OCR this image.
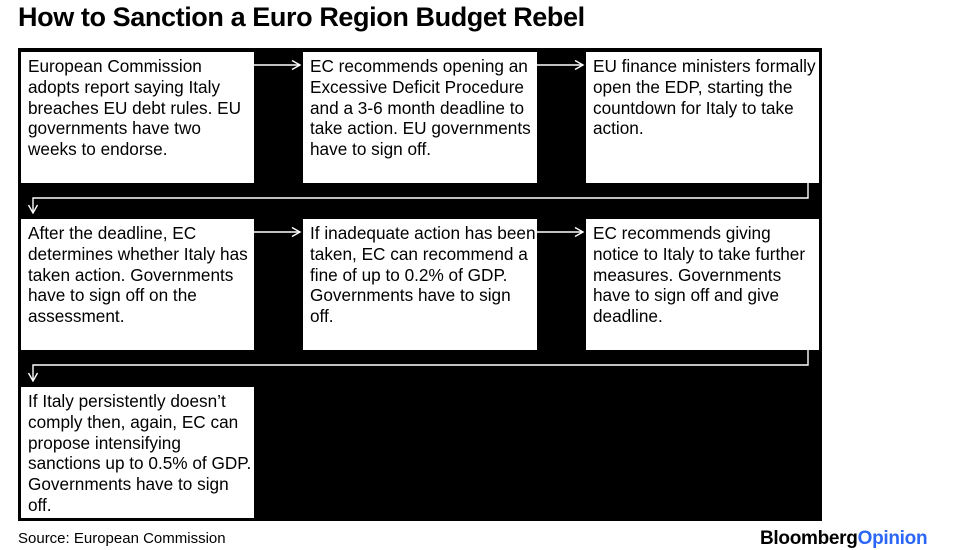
How to Sanction a Euro Region Budget Rebel
European Commission adopts report saying Italy breaches EU debt rules. EU governments have two weeks to endorse.
EC recommends opening an Excessive Deficit Procedure and a 3-6 month deadline to take action. EU governments have to sign off.
EU finance ministers formally open the EDP, starting the countdown for Italy to take action.
After the deadline, EC determines whether Italy has taken action. Governments have to sign off on the assessment.
If inadequate action has been taken, EC can recommend a fine of up to 0.2% of GDP. Governments have to sign off.
EC recommends giving notice to Italy to take further measures. Governments have to sign off and give deadline.
If Italy persistently doesn’t comply then, again, EC can propose intensifying sanctions up to 0.5% of GDP. Governments have to sign off.
Source: European Commission	BloombergOpinion
